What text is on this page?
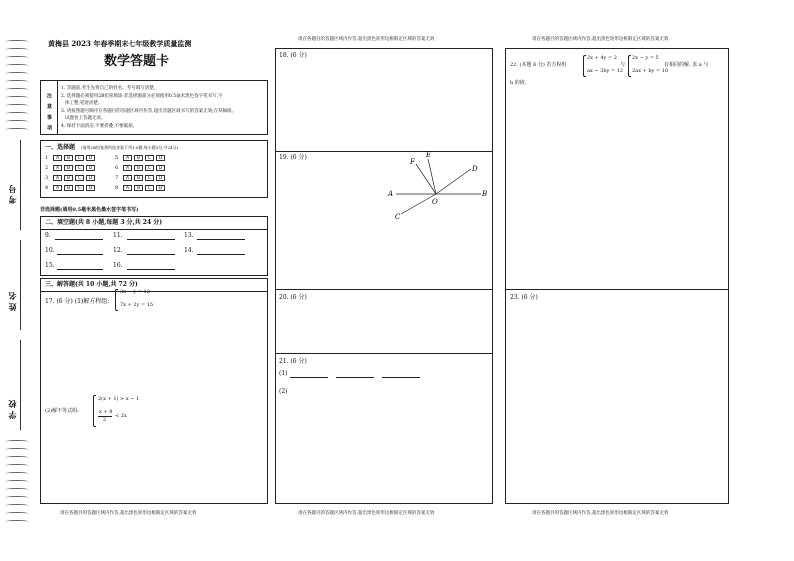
考 号
姓 名
学 校
黄梅县 2023 年春季期末七年级教学质量监测
数学答题卡
注 意 事 项
1. 答题前,考生先将自己的姓名、考号填写清楚。
2. 选择题必须使用2B铅笔填涂;非选择题部分必须使用0.5毫米黑色签字笔书写,字
体工整,笔迹清楚。
3. 请按照题号顺序在各题目的答题区域内作答,超出答题区域书写的答案无效;在草稿纸、
试题卷上答题无效。
4. 保持卡面清洁,不要折叠,不要破损。
一、选择题 (请用2B铅笔将所选答案下列1-8题,每小题3分,共24分)
1 A B C D
2 A B C D
3 A B C D
4 A B C D
5 A B C D
6 A B C D
7 A B C D
8 A B C D
非选择题(请用0.5毫米黑色墨水签字笔书写)
二、填空题(共 8 小题,每题 3 分,共 24 分)
9.	11.	13.
10.	12.	14.
15.	16.
三、解答题(共 10 小题,共 72 分)
17. (6 分) (1)解方程组:
3x − y = 12
7x + 2y = 15
(2)解不等式组:
2(x + 1) > x − 1
x + 9
2
< 2x
请在各题目的答题区域内作答,超出黑色矩形边框限定区域的答案无效
请在各题目的答题区域内作答,超出黑色矩形边框限定区域的答案无效
18. (6 分)
19. (6 分)
F
E
D
A
O
B
C
20. (6 分)
21. (6 分)
(1)
(2)
请在各题目的答题区域内作答,超出黑色矩形边框限定区域的答案无效
请在各题目的答题区域内作答,超出黑色矩形边框限定区域的答案无效
22. (本题 6 分) 若方程组
2x + 4y = 2
ax − 3by = 12
与
2x − y = 5
2ax + by = 10
有相同的解, 求 a 与
b 的值.
23. (6 分)
请在各题目的答题区域内作答,超出黑色矩形边框限定区域的答案无效
